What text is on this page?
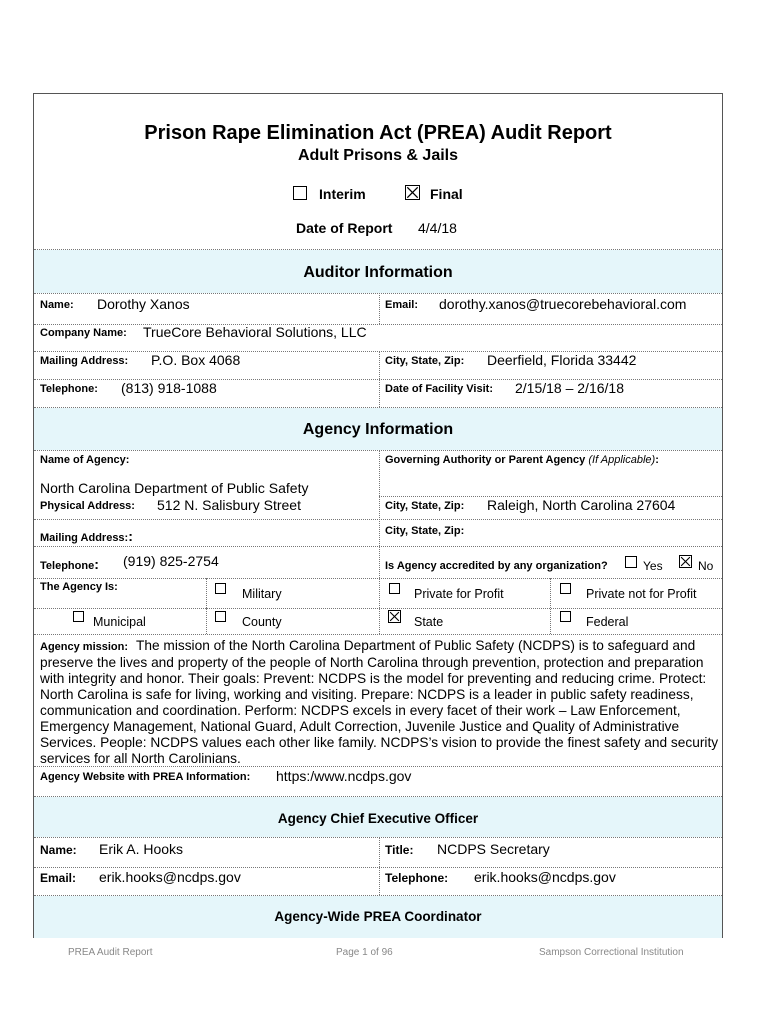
Prison Rape Elimination Act (PREA) Audit Report
Adult Prisons & Jails
Interim	Final
Date of Report 4/4/18
Auditor Information
Name: Dorothy Xanos	Email: dorothy.xanos@truecorebehavioral.com
Company Name: TrueCore Behavioral Solutions, LLC
Mailing Address: P.O. Box 4068	City, State, Zip: Deerfield, Florida 33442
Telephone: (813) 918-1088	Date of Facility Visit: 2/15/18 – 2/16/18
Agency Information
Name of Agency:	Governing Authority or Parent Agency (If Applicable):
North Carolina Department of Public Safety
Physical Address: 512 N. Salisbury Street	City, State, Zip: Raleigh, North Carolina 27604
Mailing Address::	City, State, Zip:
Telephone: (919) 825-2754	Is Agency accredited by any organization?	Yes	No
The Agency Is:	Military	Private for Profit	Private not for Profit
Municipal	County	State	Federal
Agency mission: The mission of the North Carolina Department of Public Safety (NCDPS) is to safeguard and preserve the lives and property of the people of North Carolina through prevention, protection and preparation with integrity and honor. Their goals: Prevent: NCDPS is the model for preventing and reducing crime. Protect: North Carolina is safe for living, working and visiting. Prepare: NCDPS is a leader in public safety readiness, communication and coordination. Perform: NCDPS excels in every facet of their work – Law Enforcement, Emergency Management, National Guard, Adult Correction, Juvenile Justice and Quality of Administrative Services. People: NCDPS values each other like family. NCDPS’s vision to provide the finest safety and security services for all North Carolinians.
Agency Website with PREA Information: https:/www.ncdps.gov
Agency Chief Executive Officer
Name: Erik A. Hooks	Title: NCDPS Secretary
Email: erik.hooks@ncdps.gov	Telephone: erik.hooks@ncdps.gov
Agency-Wide PREA Coordinator
PREA Audit Report	Page 1 of 96	Sampson Correctional Institution
